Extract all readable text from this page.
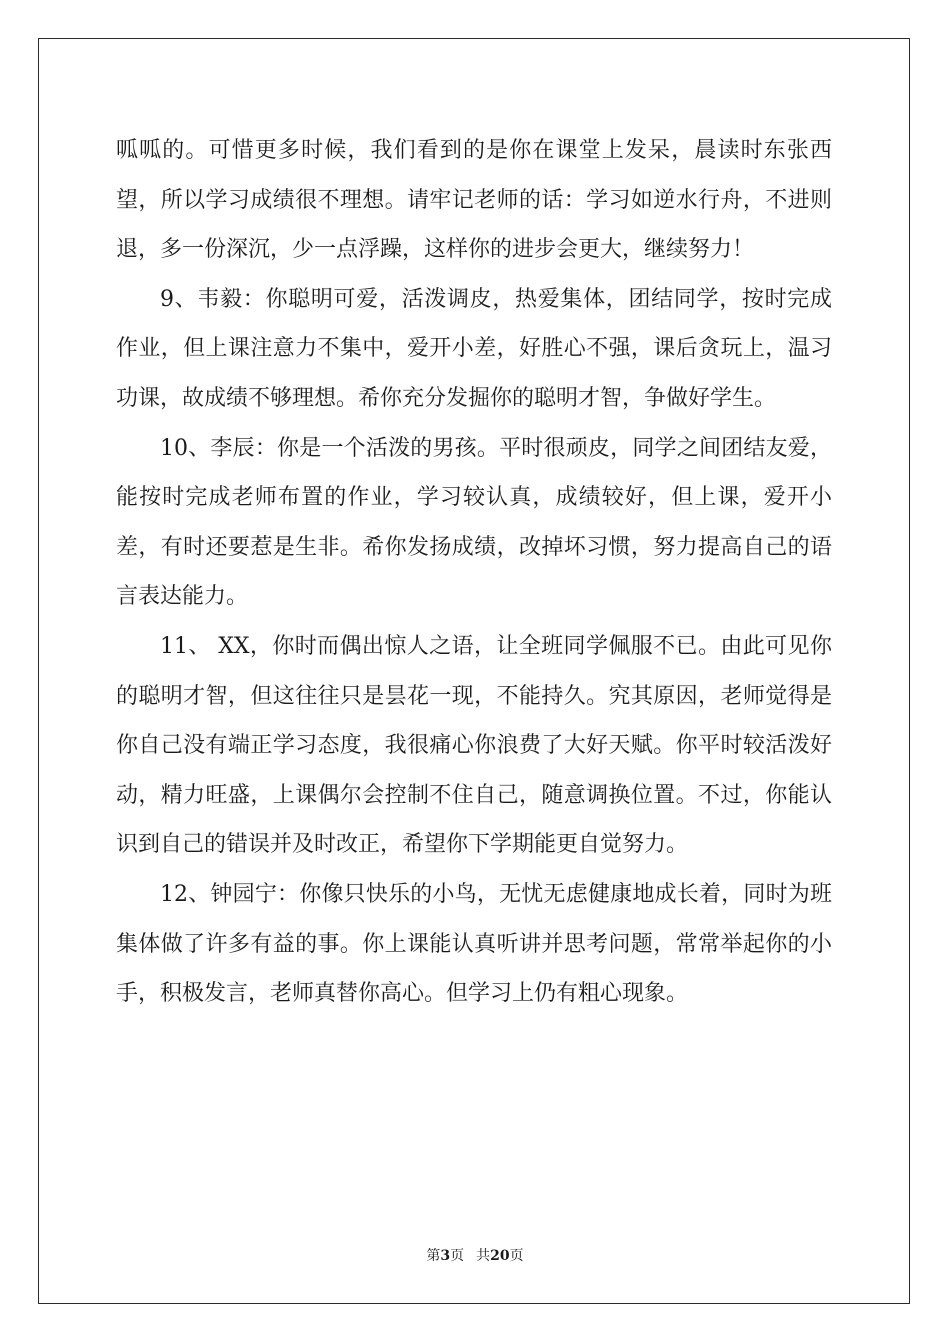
呱呱的。可惜更多时候，我们看到的是你在课堂上发呆，晨读时东张西望，所以学习成绩很不理想。请牢记老师的话：学习如逆水行舟，不进则退，多一份深沉，少一点浮躁，这样你的进步会更大，继续努力！

9、韦毅：你聪明可爱，活泼调皮，热爱集体，团结同学，按时完成作业，但上课注意力不集中，爱开小差，好胜心不强，课后贪玩上，温习功课，故成绩不够理想。希你充分发掘你的聪明才智，争做好学生。

10、李辰：你是一个活泼的男孩。平时很顽皮，同学之间团结友爱，能按时完成老师布置的作业，学习较认真，成绩较好，但上课，爱开小差，有时还要惹是生非。希你发扬成绩，改掉坏习惯，努力提高自己的语言表达能力。

11、 XX，你时而偶出惊人之语，让全班同学佩服不已。由此可见你的聪明才智，但这往往只是昙花一现，不能持久。究其原因，老师觉得是你自己没有端正学习态度，我很痛心你浪费了大好天赋。你平时较活泼好动，精力旺盛，上课偶尔会控制不住自己，随意调换位置。不过，你能认识到自己的错误并及时改正，希望你下学期能更自觉努力。

12、钟园宁：你像只快乐的小鸟，无忧无虑健康地成长着，同时为班集体做了许多有益的事。你上课能认真听讲并思考问题，常常举起你的小手，积极发言，老师真替你高心。但学习上仍有粗心现象。

第3页 共20页
